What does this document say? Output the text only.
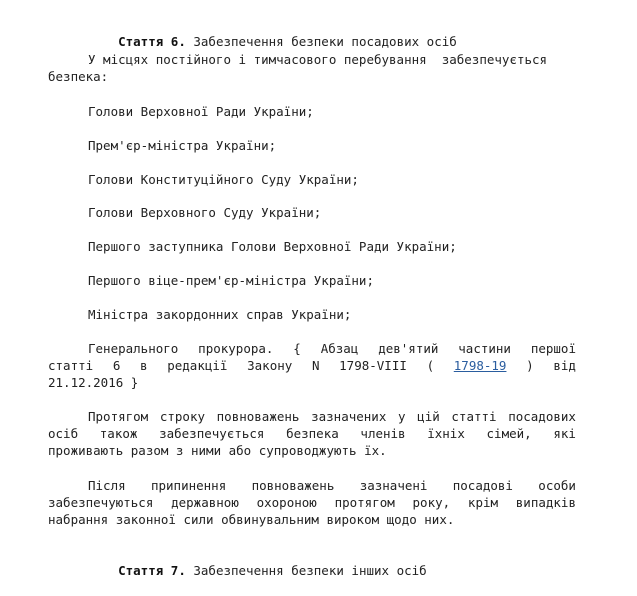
Стаття 6. Забезпечення безпеки посадових осіб

У місцях постійного і тимчасового перебування  забезпечується
безпека:
Голови Верховної Ради України;
Прем'єр-міністра України;
Голови Конституційного Суду України;
Голови Верховного Суду України;
Першого заступника Голови Верховної Ради України;
Першого віце-прем'єр-міністра України;
Міністра закордонних справ України;
Генерального прокурора. { Абзац дев'ятий частини першої
статті 6 в редакції Закону N 1798-VIII ( 1798-19 ) від
21.12.2016 }
Протягом строку повноважень зазначених у цій статті посадових
осіб також забезпечується безпека членів їхніх сімей, які
проживають разом з ними або супроводжують їх.
Після припинення повноважень зазначені посадові особи
забезпечуються державною охороною протягом року, крім випадків
набрання законної сили обвинувальним вироком щодо них.

Стаття 7. Забезпечення безпеки інших осіб
